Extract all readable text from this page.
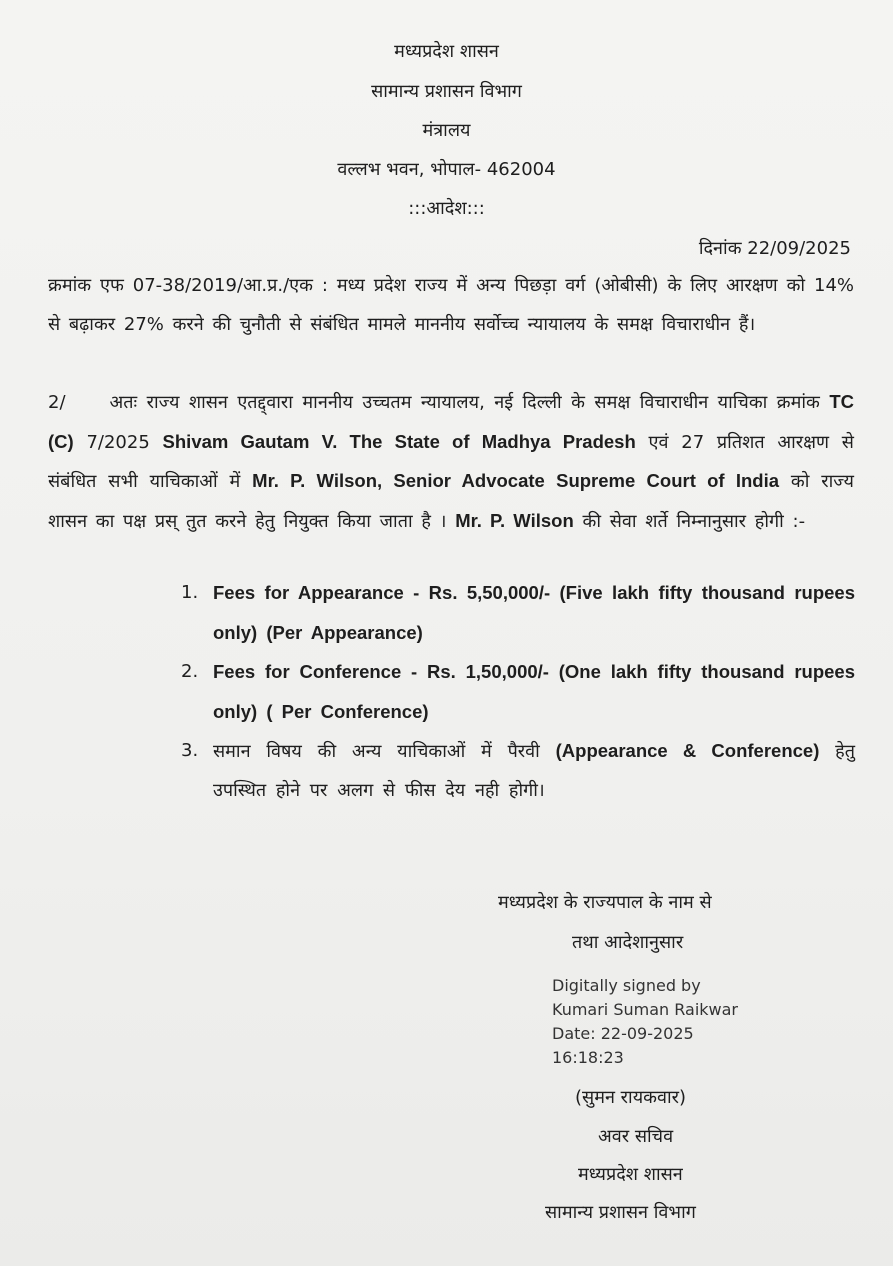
मध्यप्रदेश शासन
सामान्य प्रशासन विभाग
मंत्रालय
वल्लभ भवन, भोपाल- 462004
:::आदेश:::
दिनांक 22/09/2025

क्रमांक एफ 07-38/2019/आ.प्र./एक : मध्य प्रदेश राज्य में अन्य पिछड़ा वर्ग (ओबीसी) के लिए आरक्षण को 14% से बढ़ाकर 27% करने की चुनौती से संबंधित मामले माननीय सर्वोच्च न्यायालय के समक्ष विचाराधीन हैं।

2/ अतः राज्य शासन एतद्द्वारा माननीय उच्चतम न्यायालय, नई दिल्ली के समक्ष विचाराधीन याचिका क्रमांक TC (C) 7/2025 Shivam Gautam V. The State of Madhya Pradesh एवं 27 प्रतिशत आरक्षण से संबंधित सभी याचिकाओं में Mr. P. Wilson, Senior Advocate Supreme Court of India को राज्य शासन का पक्ष प्रस् तुत करने हेतु नियुक्त किया जाता है । Mr. P. Wilson की सेवा शर्ते निम्नानुसार होगी :-

1. Fees for Appearance - Rs. 5,50,000/- (Five lakh fifty thousand rupees only) (Per Appearance)
2. Fees for Conference - Rs. 1,50,000/- (One lakh fifty thousand rupees only) ( Per Conference)
3. समान विषय की अन्य याचिकाओं में पैरवी (Appearance & Conference) हेतु उपस्थित होने पर अलग से फीस देय नही होगी।
मध्यप्रदेश के राज्यपाल के नाम से
तथा आदेशानुसार
Digitally signed by
Kumari Suman Raikwar
Date: 22-09-2025
16:18:23
(सुमन रायकवार)
अवर सचिव
मध्यप्रदेश शासन
सामान्य प्रशासन विभाग
